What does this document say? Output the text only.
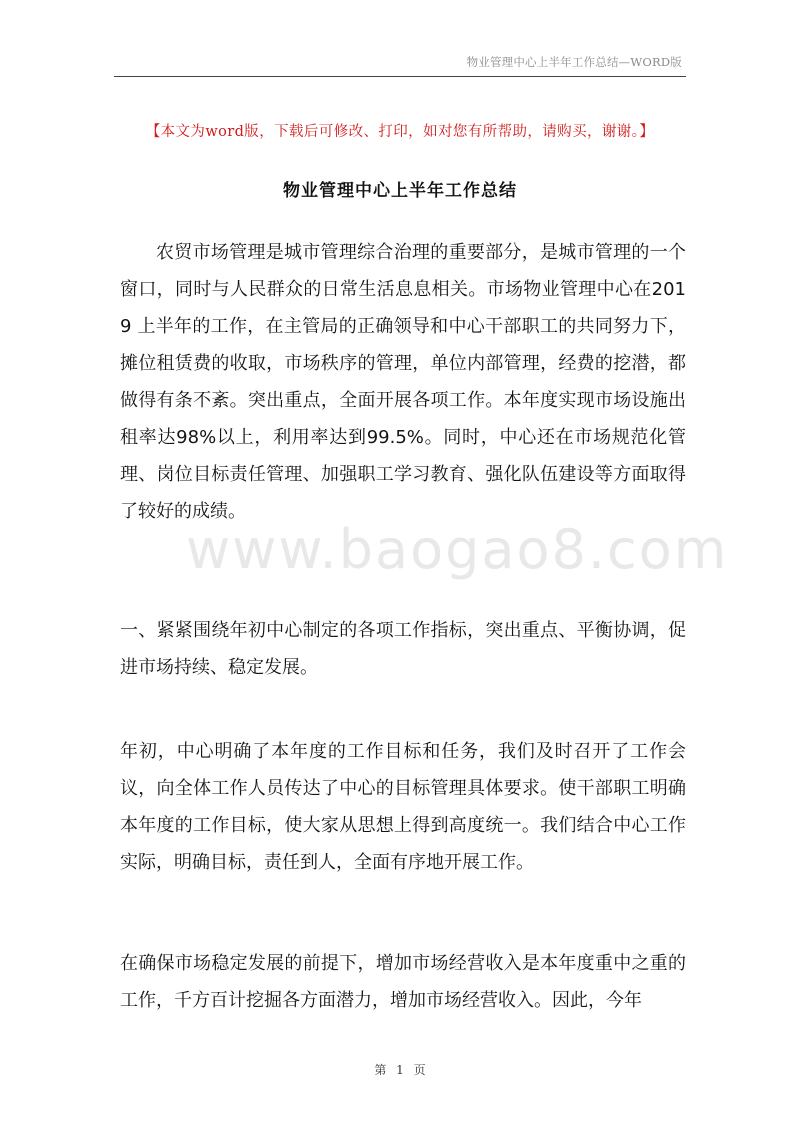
物业管理中心上半年工作总结—WORD版
【本文为word版，下载后可修改、打印，如对您有所帮助，请购买，谢谢。】
物业管理中心上半年工作总结

农贸市场管理是城市管理综合治理的重要部分，是城市管理的一个窗口，同时与人民群众的日常生活息息相关。市场物业管理中心在2019 上半年的工作，在主管局的正确领导和中心干部职工的共同努力下，摊位租赁费的收取，市场秩序的管理，单位内部管理，经费的挖潜，都做得有条不紊。突出重点，全面开展各项工作。本年度实现市场设施出租率达98%以上，利用率达到99.5%。同时，中心还在市场规范化管理、岗位目标责任管理、加强职工学习教育、强化队伍建设等方面取得了较好的成绩。

一、紧紧围绕年初中心制定的各项工作指标，突出重点、平衡协调，促进市场持续、稳定发展。

年初，中心明确了本年度的工作目标和任务，我们及时召开了工作会议，向全体工作人员传达了中心的目标管理具体要求。使干部职工明确本年度的工作目标，使大家从思想上得到高度统一。我们结合中心工作实际，明确目标，责任到人，全面有序地开展工作。

在确保市场稳定发展的前提下，增加市场经营收入是本年度重中之重的工作，千方百计挖掘各方面潜力，增加市场经营收入。因此，今年

www.baogao8.com
第 1 页
